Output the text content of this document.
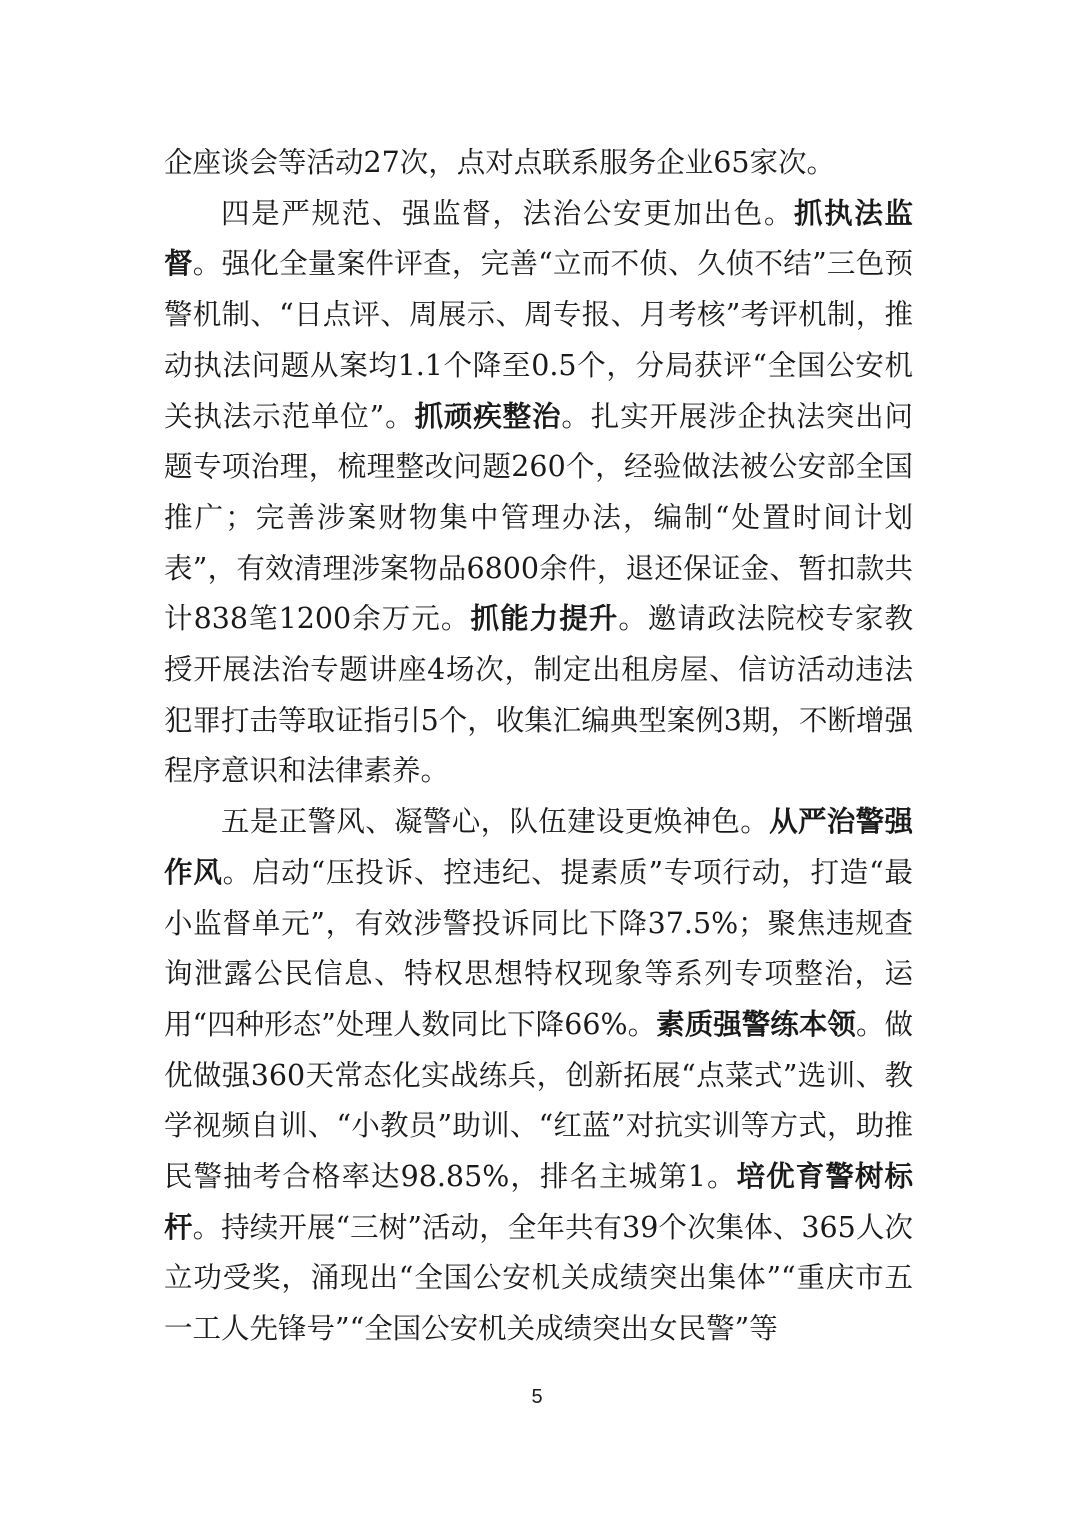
企座谈会等活动27次，点对点联系服务企业65家次。

四是严规范、强监督，法治公安更加出色。抓执法监督。强化全量案件评查，完善“立而不侦、久侦不结”三色预警机制、“日点评、周展示、周专报、月考核”考评机制，推动执法问题从案均1.1个降至0.5个，分局获评“全国公安机关执法示范单位”。抓顽疾整治。扎实开展涉企执法突出问题专项治理，梳理整改问题260个，经验做法被公安部全国推广；完善涉案财物集中管理办法，编制“处置时间计划表”，有效清理涉案物品6800余件，退还保证金、暂扣款共计838笔1200余万元。抓能力提升。邀请政法院校专家教授开展法治专题讲座4场次，制定出租房屋、信访活动违法犯罪打击等取证指引5个，收集汇编典型案例3期，不断增强程序意识和法律素养。

五是正警风、凝警心，队伍建设更焕神色。从严治警强作风。启动“压投诉、控违纪、提素质”专项行动，打造“最小监督单元”，有效涉警投诉同比下降37.5%；聚焦违规查询泄露公民信息、特权思想特权现象等系列专项整治，运用“四种形态”处理人数同比下降66%。素质强警练本领。做优做强360天常态化实战练兵，创新拓展“点菜式”选训、教学视频自训、“小教员”助训、“红蓝”对抗实训等方式，助推民警抽考合格率达98.85%，排名主城第1。培优育警树标杆。持续开展“三树”活动，全年共有39个次集体、365人次立功受奖，涌现出“全国公安机关成绩突出集体”“重庆市五一工人先锋号”“全国公安机关成绩突出女民警”等

5
